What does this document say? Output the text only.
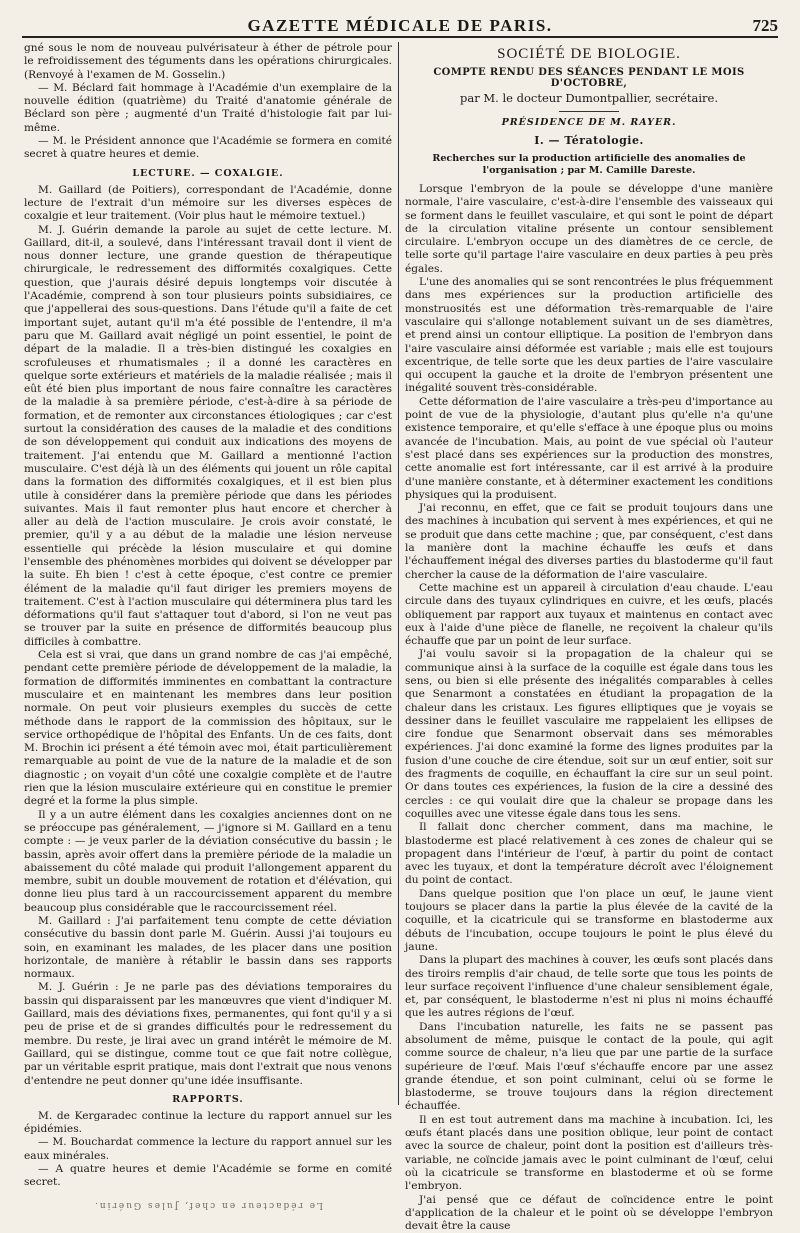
GAZETTE MÉDICALE DE PARIS.	725

gné sous le nom de nouveau pulvérisateur à éther de pétrole pour le refroidissement des téguments dans les opérations chirurgicales. (Renvoyé à l'examen de M. Gosselin.)

— M. Béclard fait hommage à l'Académie d'un exemplaire de la nouvelle édition (quatrième) du Traité d'anatomie générale de Béclard son père ; augmenté d'un Traité d'histologie fait par lui-même.

— M. le Président annonce que l'Académie se formera en comité secret à quatre heures et demie.

LECTURE. — COXALGIE.

M. Gaillard (de Poitiers), correspondant de l'Académie, donne lecture de l'extrait d'un mémoire sur les diverses espèces de coxalgie et leur traitement. (Voir plus haut le mémoire textuel.)

M. J. Guérin demande la parole au sujet de cette lecture. M. Gaillard, dit-il, a soulevé, dans l'intéressant travail dont il vient de nous donner lecture, une grande question de thérapeutique chirurgicale, le redressement des difformités coxalgiques. Cette question, que j'aurais désiré depuis longtemps voir discutée à l'Académie, comprend à son tour plusieurs points subsidiaires, ce que j'appellerai des sous-questions. Dans l'étude qu'il a faite de cet important sujet, autant qu'il m'a été possible de l'entendre, il m'a paru que M. Gaillard avait négligé un point essentiel, le point de départ de la maladie. Il a très-bien distingué les coxalgies en scrofuleuses et rhumatismales ; il a donné les caractères en quelque sorte extérieurs et matériels de la maladie réalisée ; mais il eût été bien plus important de nous faire connaître les caractères de la maladie à sa première période, c'est-à-dire à sa période de formation, et de remonter aux circonstances étiologiques ; car c'est surtout la considération des causes de la maladie et des conditions de son développement qui conduit aux indications des moyens de traitement. J'ai entendu que M. Gaillard a mentionné l'action musculaire. C'est déjà là un des éléments qui jouent un rôle capital dans la formation des difformités coxalgiques, et il est bien plus utile à considérer dans la première période que dans les périodes suivantes. Mais il faut remonter plus haut encore et chercher à aller au delà de l'action musculaire. Je crois avoir constaté, le premier, qu'il y a au début de la maladie une lésion nerveuse essentielle qui précède la lésion musculaire et qui domine l'ensemble des phénomènes morbides qui doivent se développer par la suite. Eh bien ! c'est à cette époque, c'est contre ce premier élément de la maladie qu'il faut diriger les premiers moyens de traitement. C'est à l'action musculaire qui déterminera plus tard les déformations qu'il faut s'attaquer tout d'abord, si l'on ne veut pas se trouver par la suite en présence de difformités beaucoup plus difficiles à combattre.

Cela est si vrai, que dans un grand nombre de cas j'ai empêché, pendant cette première période de développement de la maladie, la formation de difformités imminentes en combattant la contracture musculaire et en maintenant les membres dans leur position normale. On peut voir plusieurs exemples du succès de cette méthode dans le rapport de la commission des hôpitaux, sur le service orthopédique de l'hôpital des Enfants. Un de ces faits, dont M. Brochin ici présent a été témoin avec moi, était particulièrement remarquable au point de vue de la nature de la maladie et de son diagnostic ; on voyait d'un côté une coxalgie complète et de l'autre rien que la lésion musculaire extérieure qui en constitue le premier degré et la forme la plus simple.

Il y a un autre élément dans les coxalgies anciennes dont on ne se préoccupe pas généralement, — j'ignore si M. Gaillard en a tenu compte : — je veux parler de la déviation consécutive du bassin ; le bassin, après avoir offert dans la première période de la maladie un abaissement du côté malade qui produit l'allongement apparent du membre, subit un double mouvement de rotation et d'élévation, qui donne lieu plus tard à un raccourcissement apparent du membre beaucoup plus considérable que le raccourcissement réel.

M. Gaillard : J'ai parfaitement tenu compte de cette déviation consécutive du bassin dont parle M. Guérin. Aussi j'ai toujours eu soin, en examinant les malades, de les placer dans une position horizontale, de manière à rétablir le bassin dans ses rapports normaux.

M. J. Guérin : Je ne parle pas des déviations temporaires du bassin qui disparaissent par les manœuvres que vient d'indiquer M. Gaillard, mais des déviations fixes, permanentes, qui font qu'il y a si peu de prise et de si grandes difficultés pour le redressement du membre. Du reste, je lirai avec un grand intérêt le mémoire de M. Gaillard, qui se distingue, comme tout ce que fait notre collègue, par un véritable esprit pratique, mais dont l'extrait que nous venons d'entendre ne peut donner qu'une idée insuffisante.

RAPPORTS.

M. de Kergaradec continue la lecture du rapport annuel sur les épidémies.

— M. Bouchardat commence la lecture du rapport annuel sur les eaux minérales.

— A quatre heures et demie l'Académie se forme en comité secret.

Le rédacteur en chef, Jules Guérin.
SOCIÉTÉ DE BIOLOGIE.
COMPTE RENDU DES SÉANCES PENDANT LE MOIS D'OCTOBRE,
par M. le docteur Dumontpallier, secrétaire.
PRÉSIDENCE DE M. RAYER.
I. — Tératologie.
Recherches sur la production artificielle des anomalies de l'organisation ; par M. Camille Dareste.

Lorsque l'embryon de la poule se développe d'une manière normale, l'aire vasculaire, c'est-à-dire l'ensemble des vaisseaux qui se forment dans le feuillet vasculaire, et qui sont le point de départ de la circulation vitaline présente un contour sensiblement circulaire. L'embryon occupe un des diamètres de ce cercle, de telle sorte qu'il partage l'aire vasculaire en deux parties à peu près égales.

L'une des anomalies qui se sont rencontrées le plus fréquemment dans mes expériences sur la production artificielle des monstruosités est une déformation très-remarquable de l'aire vasculaire qui s'allonge notablement suivant un de ses diamètres, et prend ainsi un contour elliptique. La position de l'embryon dans l'aire vasculaire ainsi déformée est variable ; mais elle est toujours excentrique, de telle sorte que les deux parties de l'aire vasculaire qui occupent la gauche et la droite de l'embryon présentent une inégalité souvent très-considérable.

Cette déformation de l'aire vasculaire a très-peu d'importance au point de vue de la physiologie, d'autant plus qu'elle n'a qu'une existence temporaire, et qu'elle s'efface à une époque plus ou moins avancée de l'incubation. Mais, au point de vue spécial où l'auteur s'est placé dans ses expériences sur la production des monstres, cette anomalie est fort intéressante, car il est arrivé à la produire d'une manière constante, et à déterminer exactement les conditions physiques qui la produisent.

J'ai reconnu, en effet, que ce fait se produit toujours dans une des machines à incubation qui servent à mes expériences, et qui ne se produit que dans cette machine ; que, par conséquent, c'est dans la manière dont la machine échauffe les œufs et dans l'échauffement inégal des diverses parties du blastoderme qu'il faut chercher la cause de la déformation de l'aire vasculaire.

Cette machine est un appareil à circulation d'eau chaude. L'eau circule dans des tuyaux cylindriques en cuivre, et les œufs, placés obliquement par rapport aux tuyaux et maintenus en contact avec eux à l'aide d'une pièce de flanelle, ne reçoivent la chaleur qu'ils échauffe que par un point de leur surface.

J'ai voulu savoir si la propagation de la chaleur qui se communique ainsi à la surface de la coquille est égale dans tous les sens, ou bien si elle présente des inégalités comparables à celles que Senarmont a constatées en étudiant la propagation de la chaleur dans les cristaux. Les figures elliptiques que je voyais se dessiner dans le feuillet vasculaire me rappelaient les ellipses de cire fondue que Senarmont observait dans ses mémorables expériences. J'ai donc examiné la forme des lignes produites par la fusion d'une couche de cire étendue, soit sur un œuf entier, soit sur des fragments de coquille, en échauffant la cire sur un seul point. Or dans toutes ces expériences, la fusion de la cire a dessiné des cercles : ce qui voulait dire que la chaleur se propage dans les coquilles avec une vitesse égale dans tous les sens.

Il fallait donc chercher comment, dans ma machine, le blastoderme est placé relativement à ces zones de chaleur qui se propagent dans l'intérieur de l'œuf, à partir du point de contact avec les tuyaux, et dont la température décroît avec l'éloignement du point de contact.

Dans quelque position que l'on place un œuf, le jaune vient toujours se placer dans la partie la plus élevée de la cavité de la coquille, et la cicatricule qui se transforme en blastoderme aux débuts de l'incubation, occupe toujours le point le plus élevé du jaune.

Dans la plupart des machines à couver, les œufs sont placés dans des tiroirs remplis d'air chaud, de telle sorte que tous les points de leur surface reçoivent l'influence d'une chaleur sensiblement égale, et, par conséquent, le blastoderme n'est ni plus ni moins échauffé que les autres régions de l'œuf.

Dans l'incubation naturelle, les faits ne se passent pas absolument de même, puisque le contact de la poule, qui agit comme source de chaleur, n'a lieu que par une partie de la surface supérieure de l'œuf. Mais l'œuf s'échauffe encore par une assez grande étendue, et son point culminant, celui où se forme le blastoderme, se trouve toujours dans la région directement échauffée.

Il en est tout autrement dans ma machine à incubation. Ici, les œufs étant placés dans une position oblique, leur point de contact avec la source de chaleur, point dont la position est d'ailleurs très-variable, ne coïncide jamais avec le point culminant de l'œuf, celui où la cicatricule se transforme en blastoderme et où se forme l'embryon.

J'ai pensé que ce défaut de coïncidence entre le point d'application de la chaleur et le point où se développe l'embryon devait être la cause
